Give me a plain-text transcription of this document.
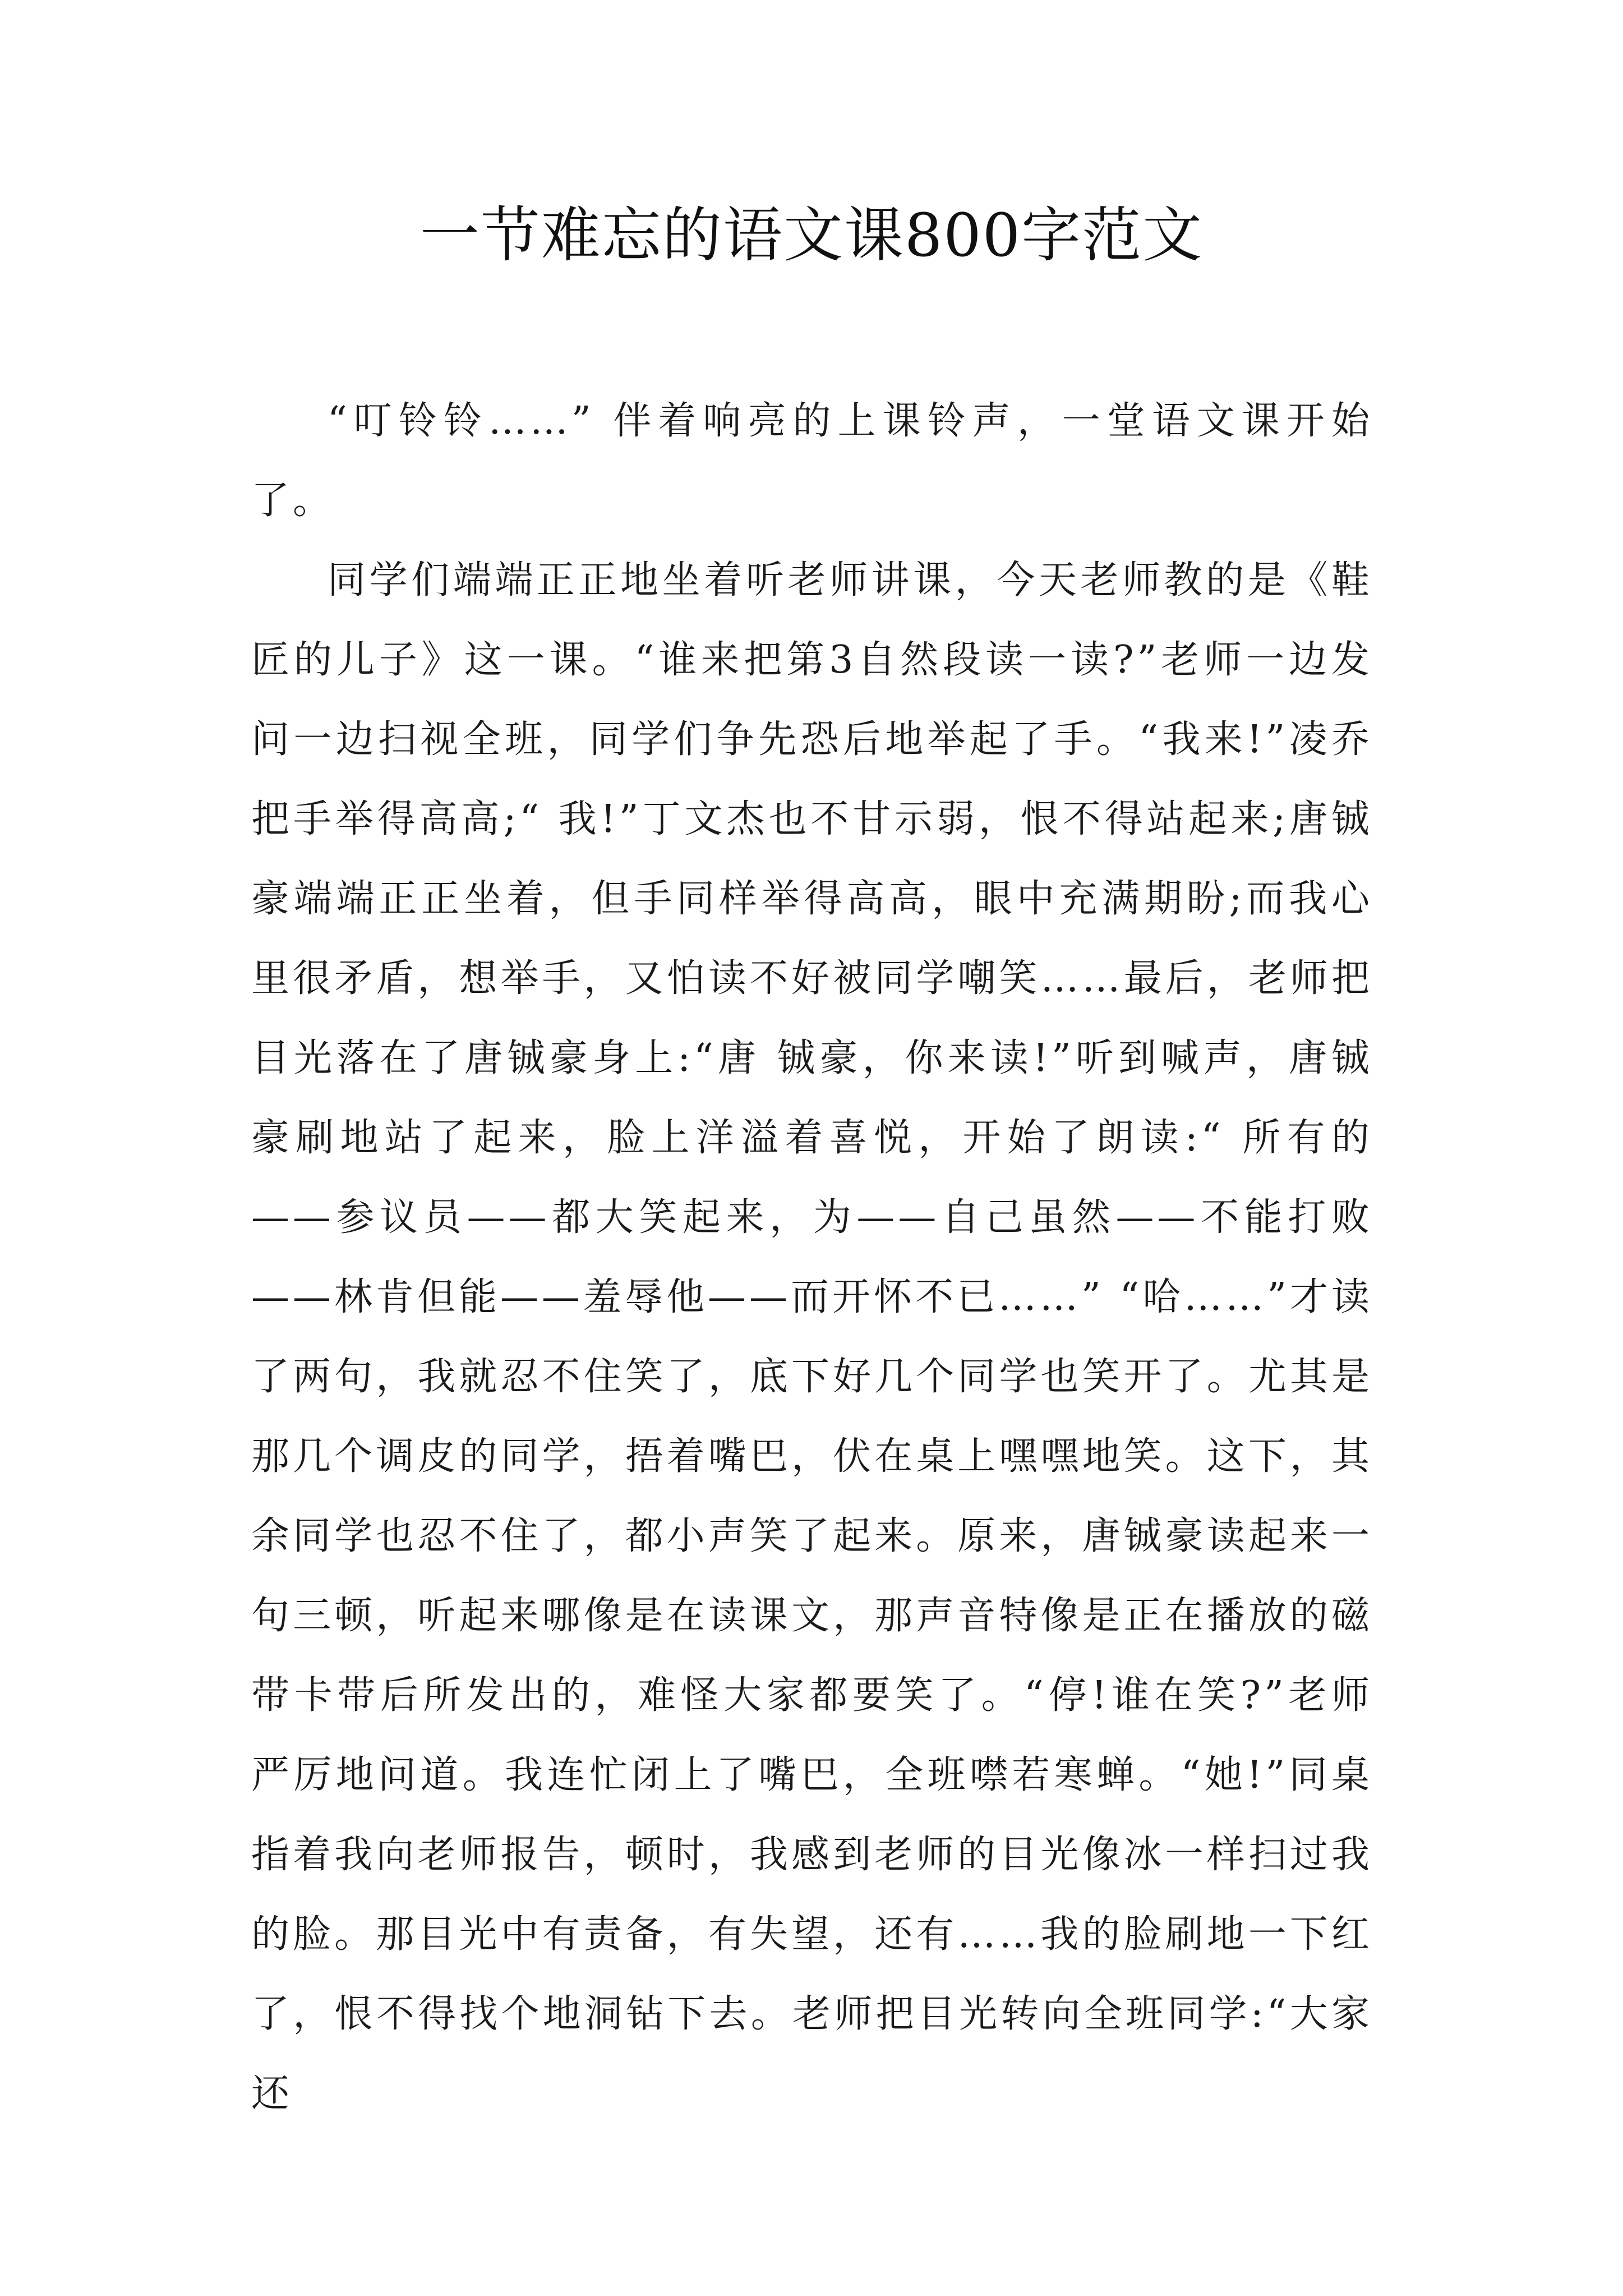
一节难忘的语文课800字范文

“叮铃铃……” 伴着响亮的上课铃声，一堂语文课开始了。

同学们端端正正地坐着听老师讲课，今天老师教的是《鞋匠的儿子》这一课。“谁来把第3自然段读一读?”老师一边发问一边扫视全班，同学们争先恐后地举起了手。“我来!”凌乔把手举得高高;“ 我!”丁文杰也不甘示弱，恨不得站起来;唐铖豪端端正正坐着，但手同样举得高高，眼中充满期盼;而我心里很矛盾，想举手，又怕读不好被同学嘲笑……最后，老师把目光落在了唐铖豪身上:“唐 铖豪，你来读!”听到喊声，唐铖豪刷地站了起来，脸上洋溢着喜悦，开始了朗读:“ 所有的——参议员——都大笑起来，为——自己虽然——不能打败——林肯但能——羞辱他——而开怀不已……” “哈……”才读了两句，我就忍不住笑了，底下好几个同学也笑开了。尤其是那几个调皮的同学，捂着嘴巴，伏在桌上嘿嘿地笑。这下，其余同学也忍不住了，都小声笑了起来。原来，唐铖豪读起来一 句三顿，听起来哪像是在读课文，那声音特像是正在播放的磁带卡带后所发出的，难怪大家都要笑了。“停!谁在笑?”老师严厉地问道。我连忙闭上了嘴巴，全班噤若寒蝉。“她!”同桌指着我向老师报告，顿时，我感到老师的目光像冰一样扫过我的脸。那目光中有责备，有失望，还有……我的脸刷地一下红了，恨不得找个地洞钻下去。老师把目光转向全班同学:“大家还
